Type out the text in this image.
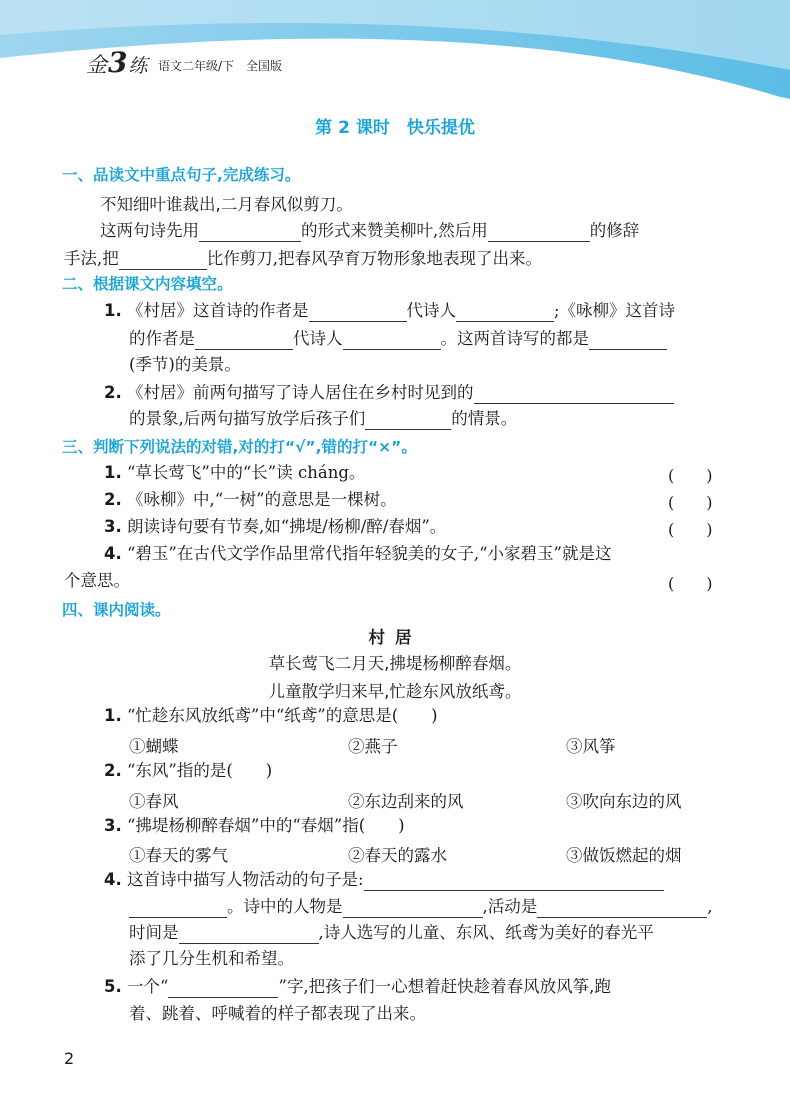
金 3 练 语文二年级/下 全国版
第 2 课时　快乐提优
一、品读文中重点句子,完成练习。
不知细叶谁裁出,二月春风似剪刀。
这两句诗先用	的形式来赞美柳叶,然后用	的修辞
手法,把	比作剪刀,把春风孕育万物形象地表现了出来。
二、根据课文内容填空。
1. 《村居》这首诗的作者是	代诗人	;《咏柳》这首诗
的作者是	代诗人	。这两首诗写的都是
(季节)的美景。
2. 《村居》前两句描写了诗人居住在乡村时见到的
的景象,后两句描写放学后孩子们	的情景。
三、判断下列说法的对错,对的打“√”,错的打“×”。
1. “草长莺飞”中的“长”读 cháng。	(　　)
2. 《咏柳》中,“一树”的意思是一棵树。	(　　)
3. 朗读诗句要有节奏,如“拂堤/杨柳/醉/春烟”。	(　　)
4. “碧玉”在古代文学作品里常代指年轻貌美的女子,“小家碧玉”就是这
个意思。	(　　)
四、课内阅读。
村居
草长莺飞二月天,拂堤杨柳醉春烟。
儿童散学归来早,忙趁东风放纸鸢。
1. “忙趁东风放纸鸢”中“纸鸢”的意思是(　　)
①蝴蝶	②燕子	③风筝
2. “东风”指的是(　　)
①春风	②东边刮来的风	③吹向东边的风
3. “拂堤杨柳醉春烟”中的“春烟”指(　　)
①春天的雾气	②春天的露水	③做饭燃起的烟
4. 这首诗中描写人物活动的句子是:
。诗中的人物是	,活动是	,
时间是	,诗人选写的儿童、东风、纸鸢为美好的春光平
添了几分生机和希望。
5. 一个“	”字,把孩子们一心想着赶快趁着春风放风筝,跑
着、跳着、呼喊着的样子都表现了出来。
2
